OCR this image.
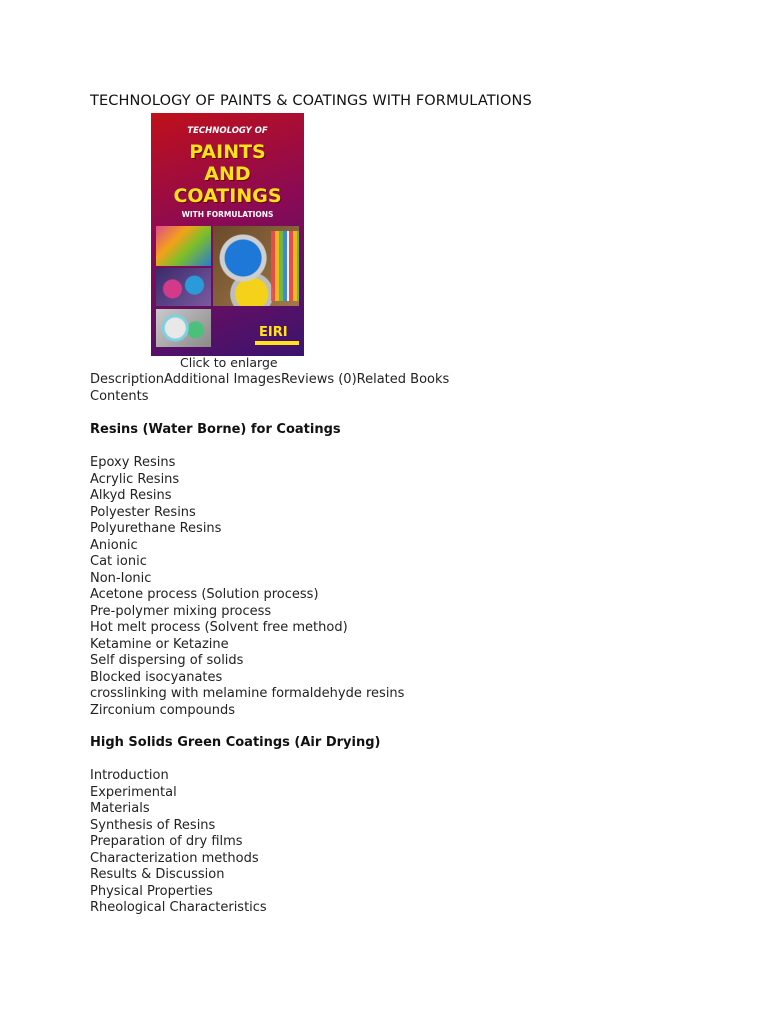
TECHNOLOGY OF PAINTS & COATINGS WITH FORMULATIONS
TECHNOLOGY OF
PAINTS
AND
COATINGS
WITH FORMULATIONS
EIRI
Click to enlarge
DescriptionAdditional ImagesReviews (0)Related Books
Contents
Resins (Water Borne) for Coatings
Epoxy Resins
Acrylic Resins
Alkyd Resins
Polyester Resins
Polyurethane Resins
Anionic
Cat ionic
Non-Ionic
Acetone process (Solution process)
Pre-polymer mixing process
Hot melt process (Solvent free method)
Ketamine or Ketazine
Self dispersing of solids
Blocked isocyanates
crosslinking with melamine formaldehyde resins
Zirconium compounds
High Solids Green Coatings (Air Drying)
Introduction
Experimental
Materials
Synthesis of Resins
Preparation of dry films
Characterization methods
Results & Discussion
Physical Properties
Rheological Characteristics
